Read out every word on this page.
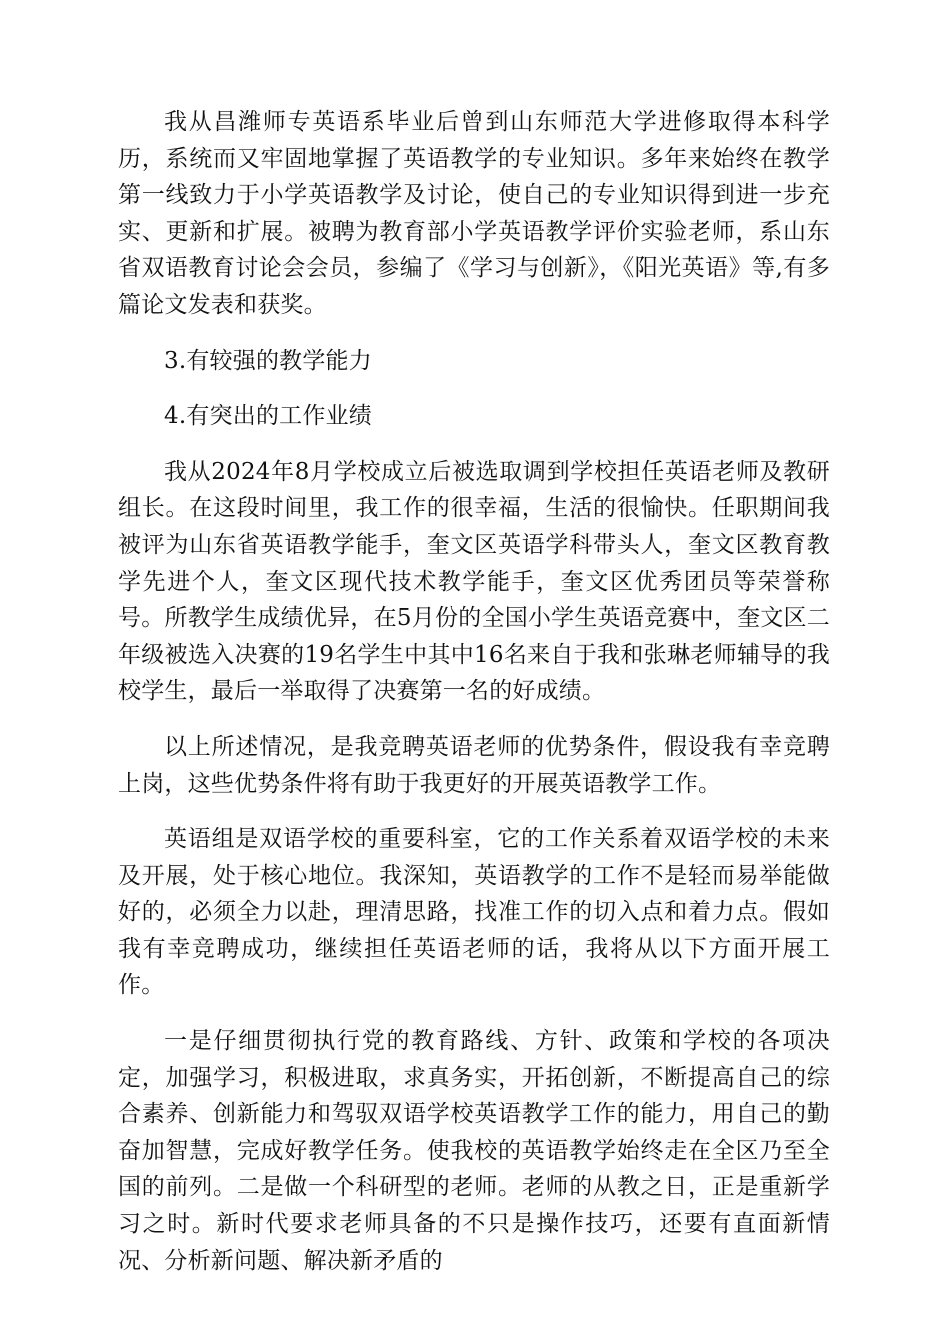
我从昌潍师专英语系毕业后曾到山东师范大学进修取得本科学历，系统而又牢固地掌握了英语教学的专业知识。多年来始终在教学第一线致力于小学英语教学及讨论，使自己的专业知识得到进一步充实、更新和扩展。被聘为教育部小学英语教学评价实验老师，系山东省双语教育讨论会会员，参编了《学习与创新》，《阳光英语》等,有多篇论文发表和获奖。

3.有较强的教学能力

4.有突出的工作业绩

我从2024年8月学校成立后被选取调到学校担任英语老师及教研组长。在这段时间里，我工作的很幸福，生活的很愉快。任职期间我被评为山东省英语教学能手，奎文区英语学科带头人，奎文区教育教学先进个人，奎文区现代技术教学能手，奎文区优秀团员等荣誉称号。所教学生成绩优异，在5月份的全国小学生英语竞赛中，奎文区二年级被选入决赛的19名学生中其中16名来自于我和张琳老师辅导的我校学生，最后一举取得了决赛第一名的好成绩。

以上所述情况，是我竞聘英语老师的优势条件，假设我有幸竞聘上岗，这些优势条件将有助于我更好的开展英语教学工作。

英语组是双语学校的重要科室，它的工作关系着双语学校的未来及开展，处于核心地位。我深知，英语教学的工作不是轻而易举能做好的，必须全力以赴，理清思路，找准工作的切入点和着力点。假如我有幸竞聘成功，继续担任英语老师的话，我将从以下方面开展工作。

一是仔细贯彻执行党的教育路线、方针、政策和学校的各项决定，加强学习，积极进取，求真务实，开拓创新，不断提高自己的综合素养、创新能力和驾驭双语学校英语教学工作的能力，用自己的勤奋加智慧，完成好教学任务。使我校的英语教学始终走在全区乃至全国的前列。二是做一个科研型的老师。老师的从教之日，正是重新学习之时。新时代要求老师具备的不只是操作技巧，还要有直面新情况、分析新问题、解决新矛盾的
